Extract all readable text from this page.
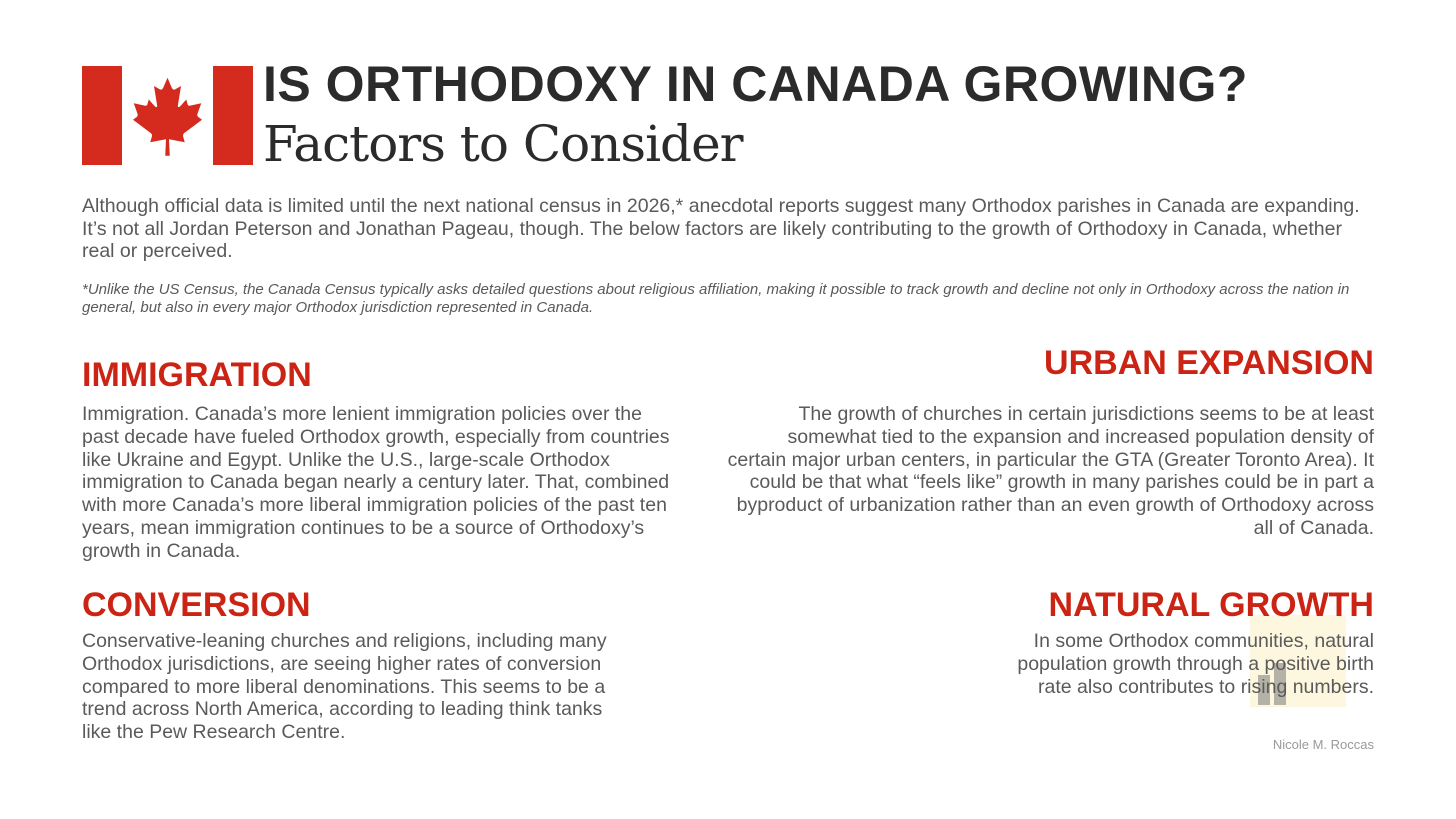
IS ORTHODOXY IN CANADA GROWING?
Factors to Consider
Although official data is limited until the next national census in 2026,* anecdotal reports suggest many Orthodox parishes in Canada are expanding. It’s not all Jordan Peterson and Jonathan Pageau, though. The below factors are likely contributing to the growth of Orthodoxy in Canada, whether real or perceived.
*Unlike the US Census, the Canada Census typically asks detailed questions about religious affiliation, making it possible to track growth and decline not only in Orthodoxy across the nation in general, but also in every major Orthodox jurisdiction represented in Canada.
IMMIGRATION
Immigration. Canada’s more lenient immigration policies over the past decade have fueled Orthodox growth, especially from countries like Ukraine and Egypt. Unlike the U.S., large-scale Orthodox immigration to Canada began nearly a century later. That, combined with more Canada’s more liberal immigration policies of the past ten years, mean immigration continues to be a source of Orthodoxy’s growth in Canada.
URBAN EXPANSION
The growth of churches in certain jurisdictions seems to be at least somewhat tied to the expansion and increased population density of certain major urban centers, in particular the GTA (Greater Toronto Area). It could be that what “feels like” growth in many parishes could be in part a byproduct of urbanization rather than an even growth of Orthodoxy across all of Canada.
CONVERSION
Conservative-leaning churches and religions, including many Orthodox jurisdictions, are seeing higher rates of conversion compared to more liberal denominations. This seems to be a trend across North America, according to leading think tanks like the Pew Research Centre.
NATURAL GROWTH
In some Orthodox communities, natural population growth through a positive birth rate also contributes to rising numbers.
Nicole M. Roccas
